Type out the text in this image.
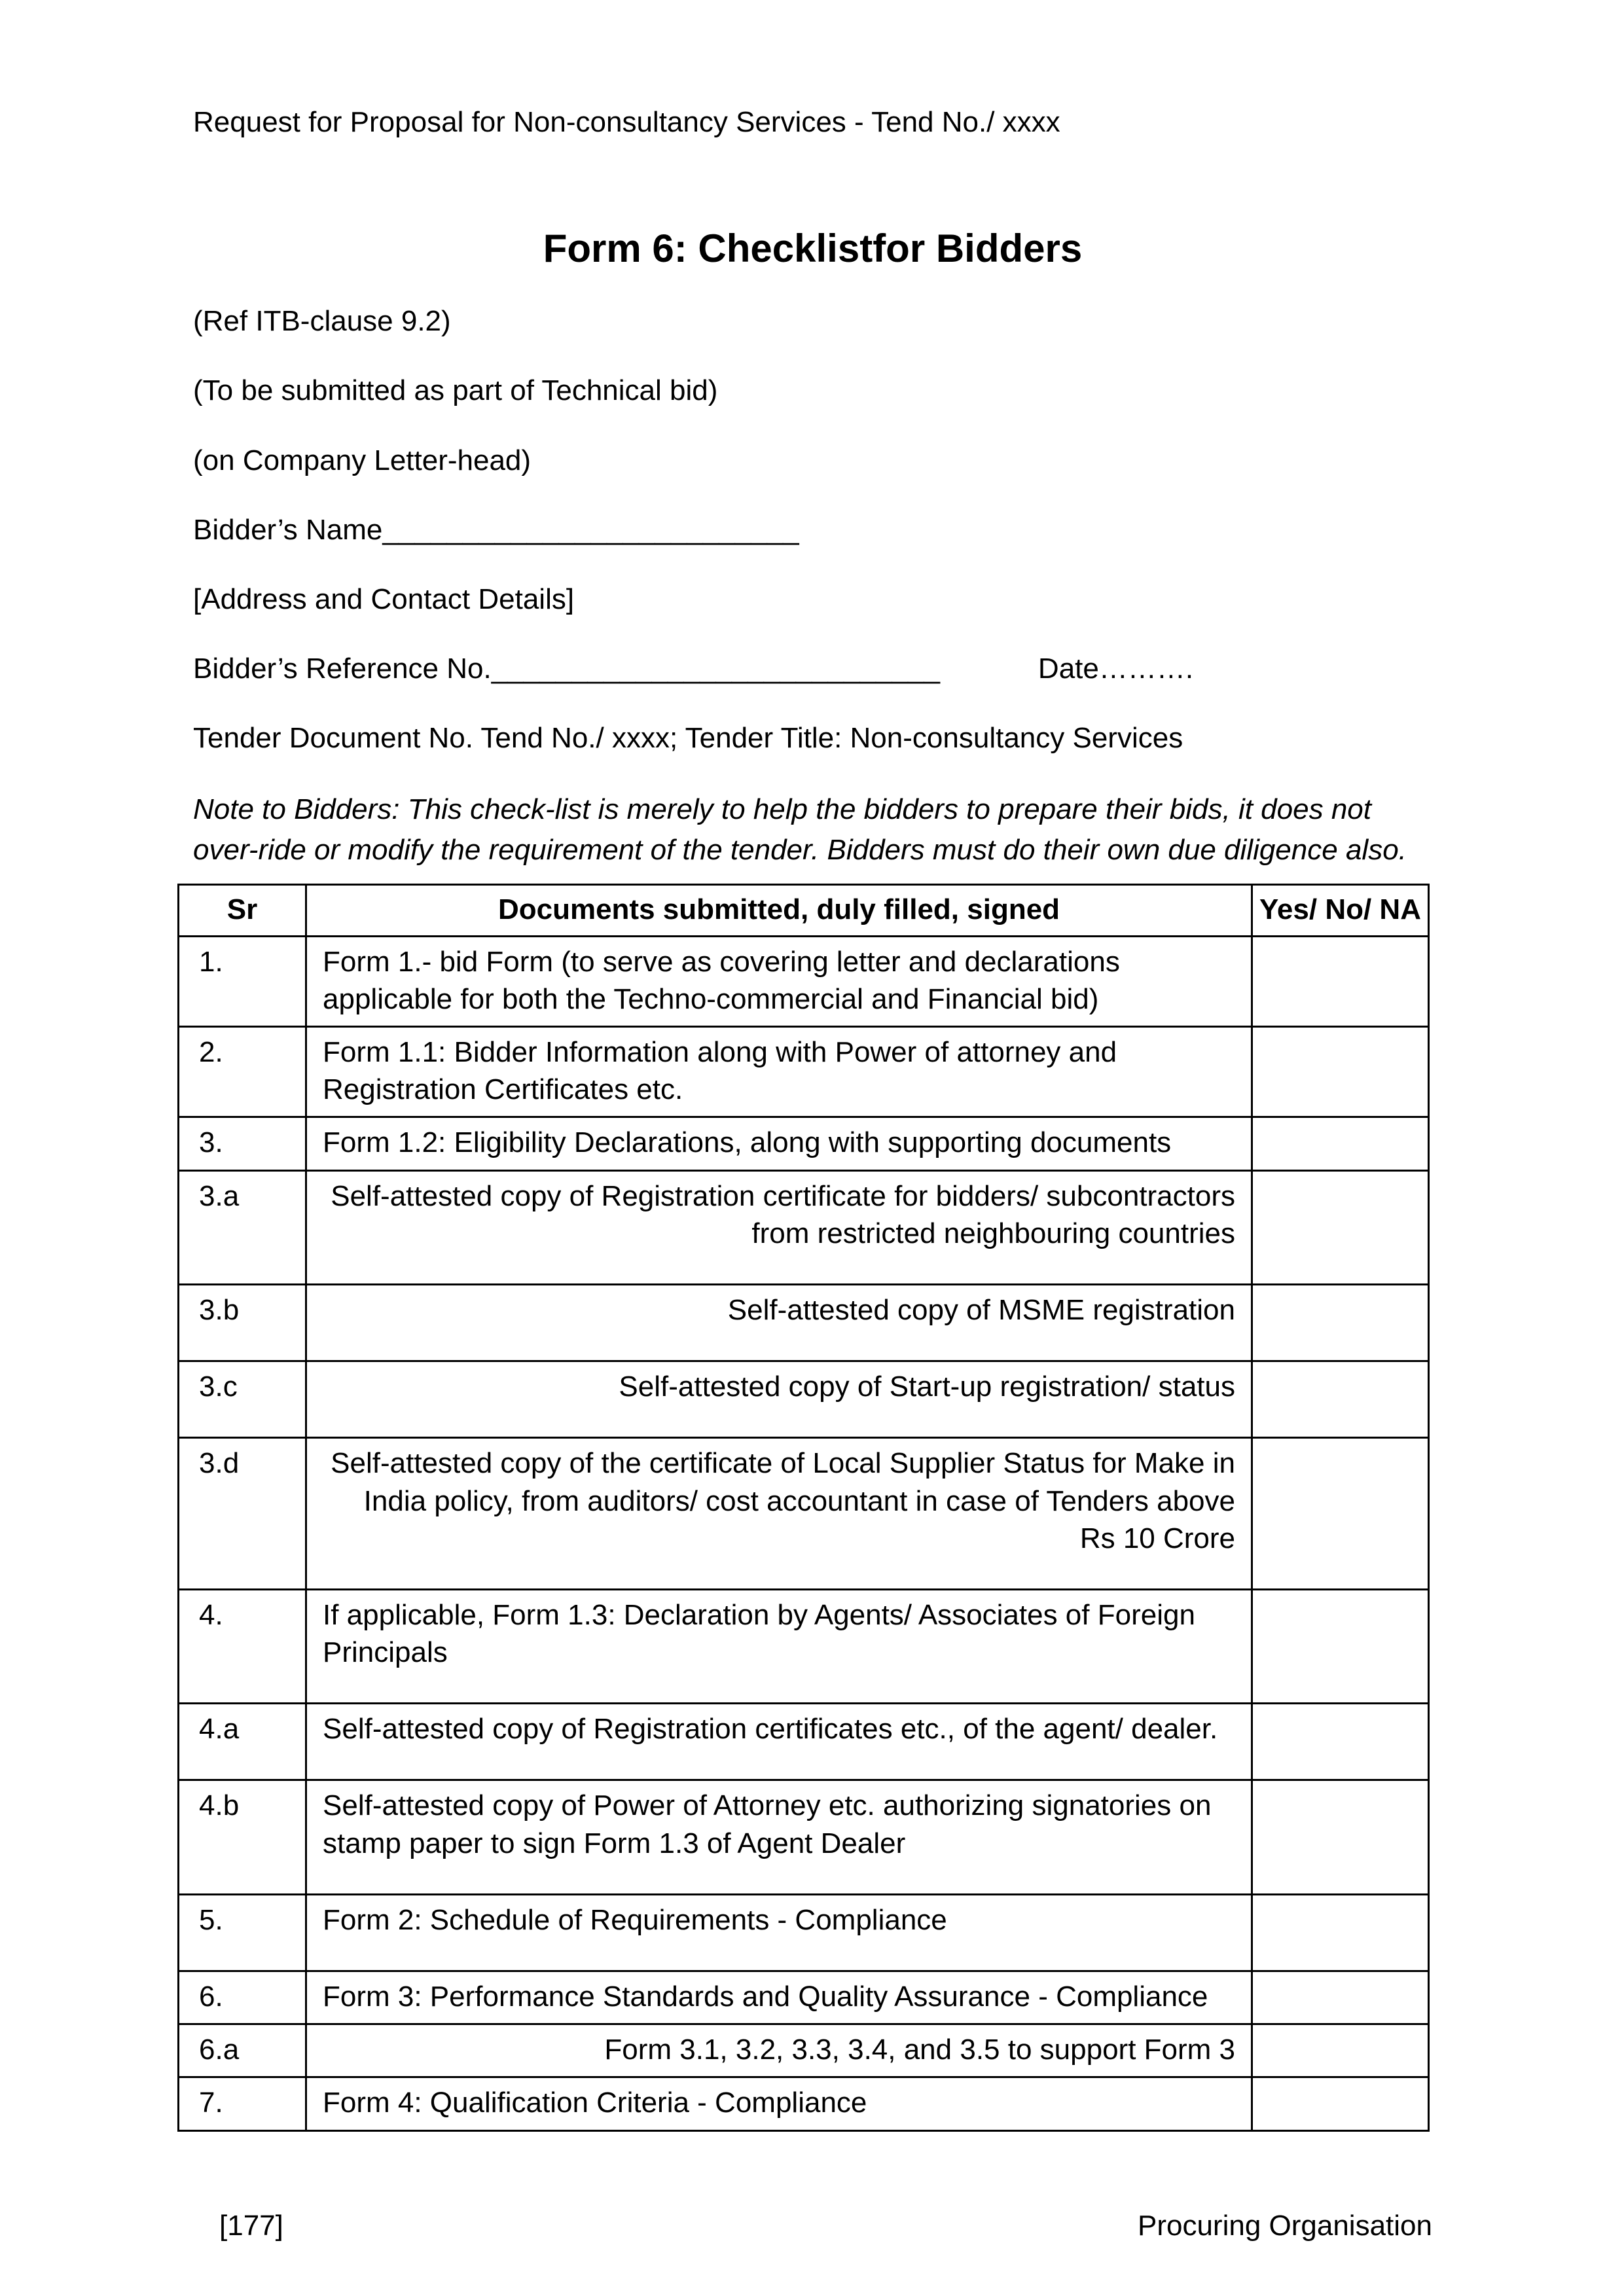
Request for Proposal for Non-consultancy Services - Tend No./ xxxx
Form 6: Checklistfor Bidders

(Ref ITB-clause 9.2)

(To be submitted as part of Technical bid)

(on Company Letter-head)

Bidder’s Name__________________________

[Address and Contact Details]

Bidder’s Reference No.____________________________	Date……….

Tender Document No. Tend No./ xxxx; Tender Title: Non-consultancy Services

Note to Bidders: This check-list is merely to help the bidders to prepare their bids, it does not over-ride or modify the requirement of the tender. Bidders must do their own due diligence also.

Sr	Documents submitted, duly filled, signed	Yes/ No/ NA
1.	Form 1.- bid Form (to serve as covering letter and declarations applicable for both the Techno-commercial and Financial bid)	
2.	Form 1.1: Bidder Information along with Power of attorney and Registration Certificates etc.	
3.	Form 1.2: Eligibility Declarations, along with supporting documents	
3.a	Self-attested copy of Registration certificate for bidders/ subcontractors from restricted neighbouring countries	
3.b	Self-attested copy of MSME registration	
3.c	Self-attested copy of Start-up registration/ status	
3.d	Self-attested copy of the certificate of Local Supplier Status for Make in India policy, from auditors/ cost accountant in case of Tenders above Rs 10 Crore	
4.	If applicable, Form 1.3: Declaration by Agents/ Associates of Foreign Principals	
4.a	Self-attested copy of Registration certificates etc., of the agent/ dealer.	
4.b	Self-attested copy of Power of Attorney etc. authorizing signatories on stamp paper to sign Form 1.3 of Agent Dealer	
5.	Form 2: Schedule of Requirements - Compliance	
6.	Form 3: Performance Standards and Quality Assurance - Compliance	
6.a	Form 3.1, 3.2, 3.3, 3.4, and 3.5 to support Form 3	
7.	Form 4: Qualification Criteria - Compliance	
[177]	Procuring Organisation
